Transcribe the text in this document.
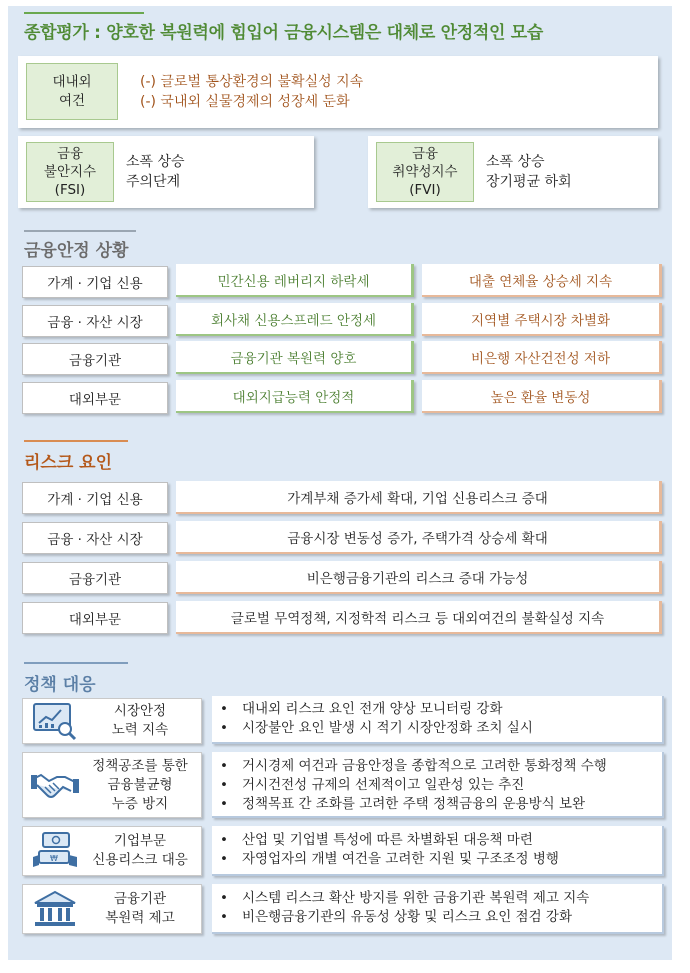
종합평가 : 양호한 복원력에 힘입어 금융시스템은 대체로 안정적인 모습
대내외
여건
(-) 글로벌 통상환경의 불확실성 지속
(-) 국내외 실물경제의 성장세 둔화
금융
불안지수
(FSI)
소폭 상승
주의단계
금융
취약성지수
(FVI)
소폭 상승
장기평균 하회
금융안정 상황
가계 · 기업 신용	민간신용 레버리지 하락세	대출 연체율 상승세 지속
금융 · 자산 시장	회사채 신용스프레드 안정세	지역별 주택시장 차별화
금융기관	금융기관 복원력 양호	비은행 자산건전성 저하
대외부문	대외지급능력 안정적	높은 환율 변동성
리스크 요인
가계 · 기업 신용	가계부채 증가세 확대, 기업 신용리스크 증대
금융 · 자산 시장	금융시장 변동성 증가, 주택가격 상승세 확대
금융기관	비은행금융기관의 리스크 증대 가능성
대외부문	글로벌 무역정책, 지정학적 리스크 등 대외여건의 불확실성 지속
정책 대응
시장안정
노력 지속
•	대내외 리스크 요인 전개 양상 모니터링 강화
•	시장불안 요인 발생 시 적기 시장안정화 조치 실시
정책공조를 통한
금융불균형
누증 방지
•	거시경제 여건과 금융안정을 종합적으로 고려한 통화정책 수행
•	거시건전성 규제의 선제적이고 일관성 있는 추진
•	정책목표 간 조화를 고려한 주택 정책금융의 운용방식 보완
₩
기업부문
신용리스크 대응
•	산업 및 기업별 특성에 따른 차별화된 대응책 마련
•	자영업자의 개별 여건을 고려한 지원 및 구조조정 병행
금융기관
복원력 제고
•	시스템 리스크 확산 방지를 위한 금융기관 복원력 제고 지속
•	비은행금융기관의 유동성 상황 및 리스크 요인 점검 강화
